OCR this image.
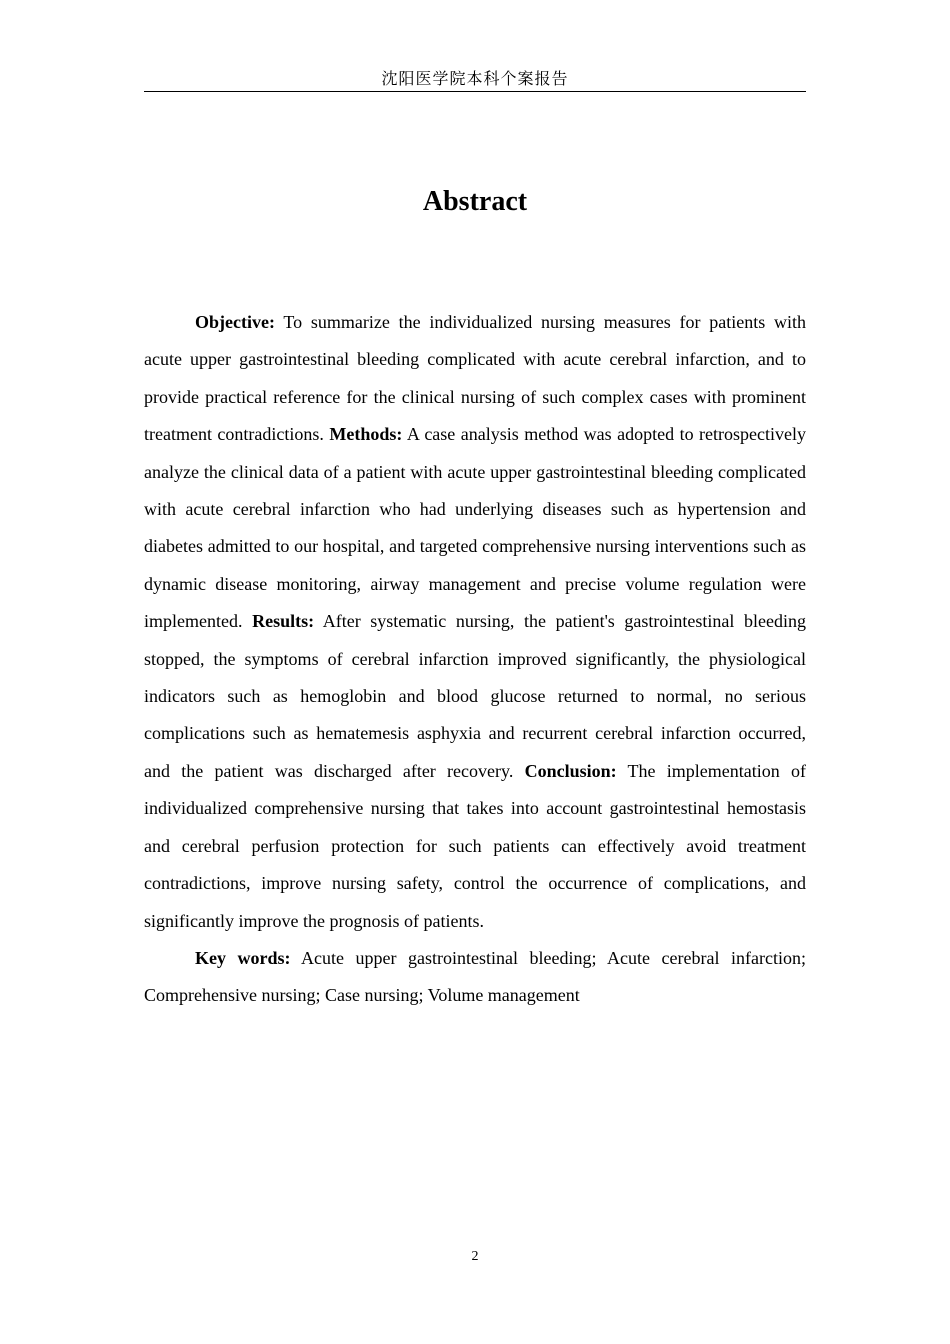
沈阳医学院本科个案报告
Abstract

Objective: To summarize the individualized nursing measures for patients with acute upper gastrointestinal bleeding complicated with acute cerebral infarction, and to provide practical reference for the clinical nursing of such complex cases with prominent treatment contradictions. Methods: A case analysis method was adopted to retrospectively analyze the clinical data of a patient with acute upper gastrointestinal bleeding complicated with acute cerebral infarction who had underlying diseases such as hypertension and diabetes admitted to our hospital, and targeted comprehensive nursing interventions such as dynamic disease monitoring, airway management and precise volume regulation were implemented. Results: After systematic nursing, the patient's gastrointestinal bleeding stopped, the symptoms of cerebral infarction improved significantly, the physiological indicators such as hemoglobin and blood glucose returned to normal, no serious complications such as hematemesis asphyxia and recurrent cerebral infarction occurred, and the patient was discharged after recovery. Conclusion: The implementation of individualized comprehensive nursing that takes into account gastrointestinal hemostasis and cerebral perfusion protection for such patients can effectively avoid treatment contradictions, improve nursing safety, control the occurrence of complications, and significantly improve the prognosis of patients.

Key words: Acute upper gastrointestinal bleeding; Acute cerebral infarction; Comprehensive nursing; Case nursing; Volume management

2
